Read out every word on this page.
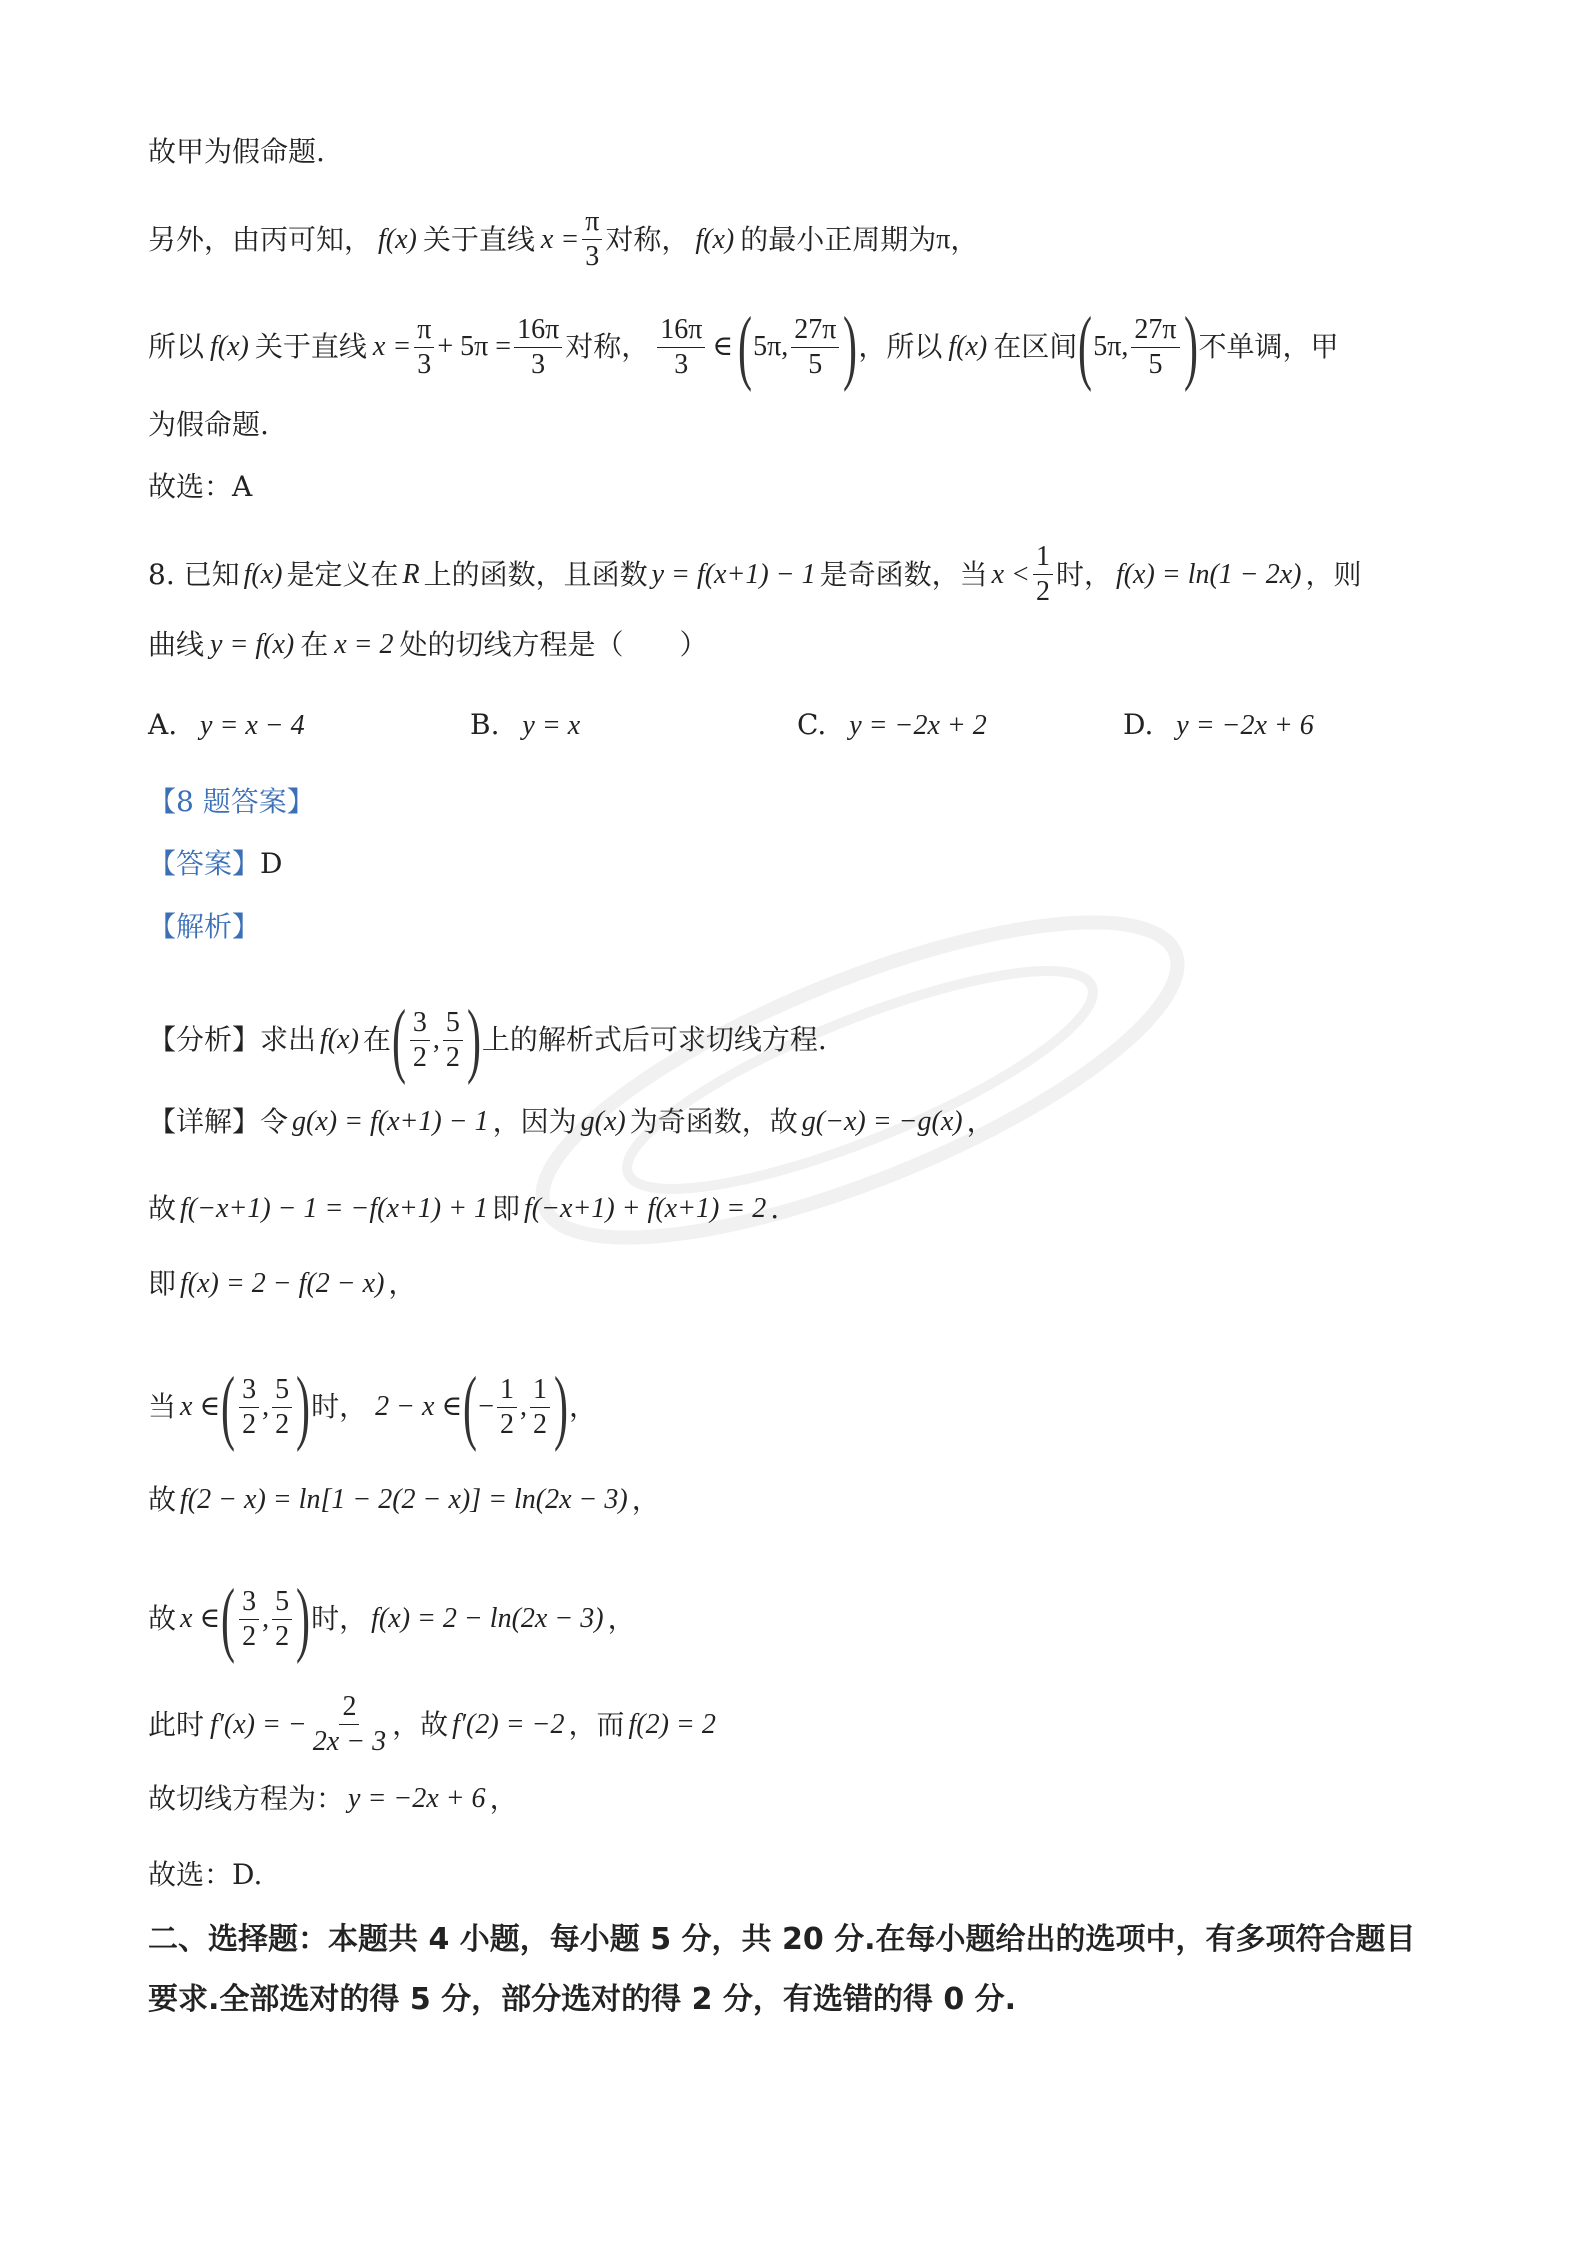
故甲为假命题.
另外，由丙可知， f(x) 关于直线 $x = \frac{\pi}{3}$ 对称， f(x) 的最小正周期为 π ，
所以 f(x) 关于直线 $x = \frac{\pi}{3} + 5\pi = \frac{16\pi}{3}$ 对称， $\frac{16\pi}{3}$ ∈ ( 5π, $\frac{27\pi}{5}$ ) ，所以 f(x) 在区间 ( 5π, $\frac{27\pi}{5}$ ) 不单调，甲
为假命题.
故选：A
8. 已知 f(x) 是定义在 R 上的函数，且函数 y = f(x+1) − 1 是奇函数，当 $x < \frac{1}{2}$ 时， f(x) = ln(1 − 2x) ，则
曲线 y = f(x) 在 x = 2 处的切线方程是（　　）
A. y = x − 4	B. y = x	C. y = −2x + 2	D. y = −2x + 6
【8 题答案】
【答案】 D
【解析】
【分析】 求出 f(x) 在 ( $\frac{3}{2}$ , $\frac{5}{2}$ ) 上的解析式后可求切线方程.
【详解】 令 g(x) = f(x+1) − 1 ，因为 g(x) 为奇函数，故 g(−x) = −g(x) ，
故 f(−x+1) − 1 = −f(x+1) + 1 即 f(−x+1) + f(x+1) = 2 .
即 f(x) = 2 − f(2 − x) ，
当 x ∈ ( $\frac{3}{2}$ , $\frac{5}{2}$ ) 时， 2 − x ∈ ( − $\frac{1}{2}$ , $\frac{1}{2}$ ) ，
故 f(2 − x) = ln[1 − 2(2 − x)] = ln(2x − 3) ，
故 x ∈ ( $\frac{3}{2}$ , $\frac{5}{2}$ ) 时， f(x) = 2 − ln(2x − 3) ，
此时 f′(x) = − $\frac{2}{2x - 3}$ ，故 f′(2) = −2 ，而 f(2) = 2
故切线方程为： y = −2x + 6 ，
故选：D.
二、选择题：本题共 4 小题，每小题 5 分，共 20 分.在每小题给出的选项中，有多项符合题目
要求.全部选对的得 5 分，部分选对的得 2 分，有选错的得 0 分.
